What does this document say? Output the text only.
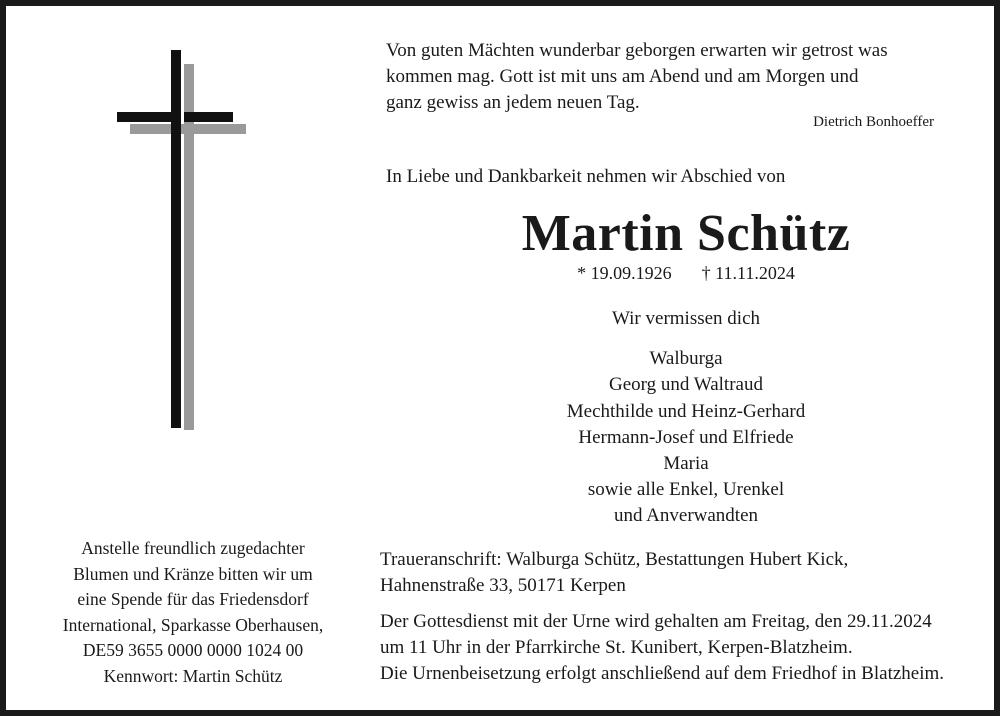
Von guten Mächten wunderbar geborgen erwarten wir getrost was
kommen mag. Gott ist mit uns am Abend und am Morgen und
ganz gewiss an jedem neuen Tag.
Dietrich Bonhoeffer
In Liebe und Dankbarkeit nehmen wir Abschied von
Martin Schütz
* 19.09.1926 † 11.11.2024
Wir vermissen dich
Walburga
Georg und Waltraud
Mechthilde und Heinz-Gerhard
Hermann-Josef und Elfriede
Maria
sowie alle Enkel, Urenkel
und Anverwandten
Anstelle freundlich zugedachter
Blumen und Kränze bitten wir um
eine Spende für das Friedensdorf
International, Sparkasse Oberhausen,
DE59 3655 0000 0000 1024 00
Kennwort: Martin Schütz
Traueranschrift: Walburga Schütz, Bestattungen Hubert Kick,
Hahnenstraße 33, 50171 Kerpen
Der Gottesdienst mit der Urne wird gehalten am Freitag, den 29.11.2024
um 11 Uhr in der Pfarrkirche St. Kunibert, Kerpen-Blatzheim.
Die Urnenbeisetzung erfolgt anschließend auf dem Friedhof in Blatzheim.
